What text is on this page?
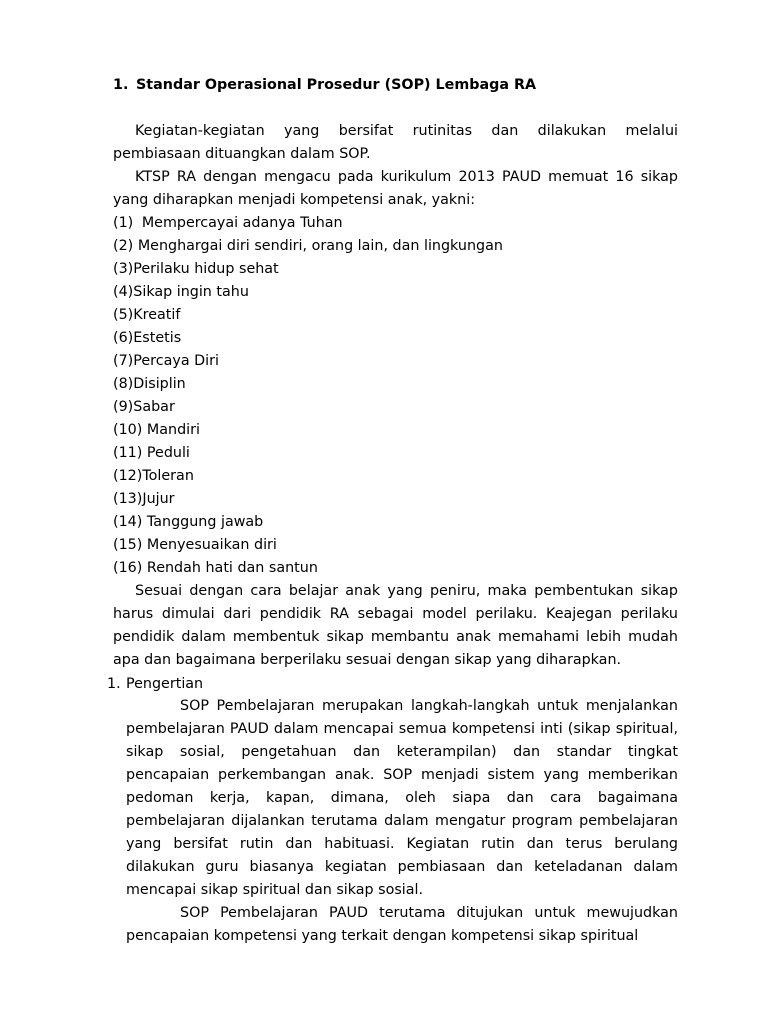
1. Standar Operasional Prosedur (SOP) Lembaga RA
Kegiatan-kegiatan yang bersifat rutinitas dan dilakukan melalui pembiasaan dituangkan dalam SOP.
KTSP RA dengan mengacu pada kurikulum 2013 PAUD memuat 16 sikap yang diharapkan menjadi kompetensi anak, yakni:
(1) Mempercayai adanya Tuhan
(2) Menghargai diri sendiri, orang lain, dan lingkungan
(3)Perilaku hidup sehat
(4)Sikap ingin tahu
(5)Kreatif
(6)Estetis
(7)Percaya Diri
(8)Disiplin
(9)Sabar
(10) Mandiri
(11) Peduli
(12)Toleran
(13)Jujur
(14) Tanggung jawab
(15) Menyesuaikan diri
(16) Rendah hati dan santun
Sesuai dengan cara belajar anak yang peniru, maka pembentukan sikap harus dimulai dari pendidik RA sebagai model perilaku. Keajegan perilaku pendidik dalam membentuk sikap membantu anak memahami lebih mudah apa dan bagaimana berperilaku sesuai dengan sikap yang diharapkan.
1. Pengertian
SOP Pembelajaran merupakan langkah-langkah untuk menjalankan pembelajaran PAUD dalam mencapai semua kompetensi inti (sikap spiritual, sikap sosial, pengetahuan dan keterampilan) dan standar tingkat pencapaian perkembangan anak. SOP menjadi sistem yang memberikan pedoman kerja, kapan, dimana, oleh siapa dan cara bagaimana pembelajaran dijalankan terutama dalam mengatur program pembelajaran yang bersifat rutin dan habituasi. Kegiatan rutin dan terus berulang dilakukan guru biasanya kegiatan pembiasaan dan keteladanan dalam mencapai sikap spiritual dan sikap sosial.
SOP Pembelajaran PAUD terutama ditujukan untuk mewujudkan pencapaian kompetensi yang terkait dengan kompetensi sikap spiritual
